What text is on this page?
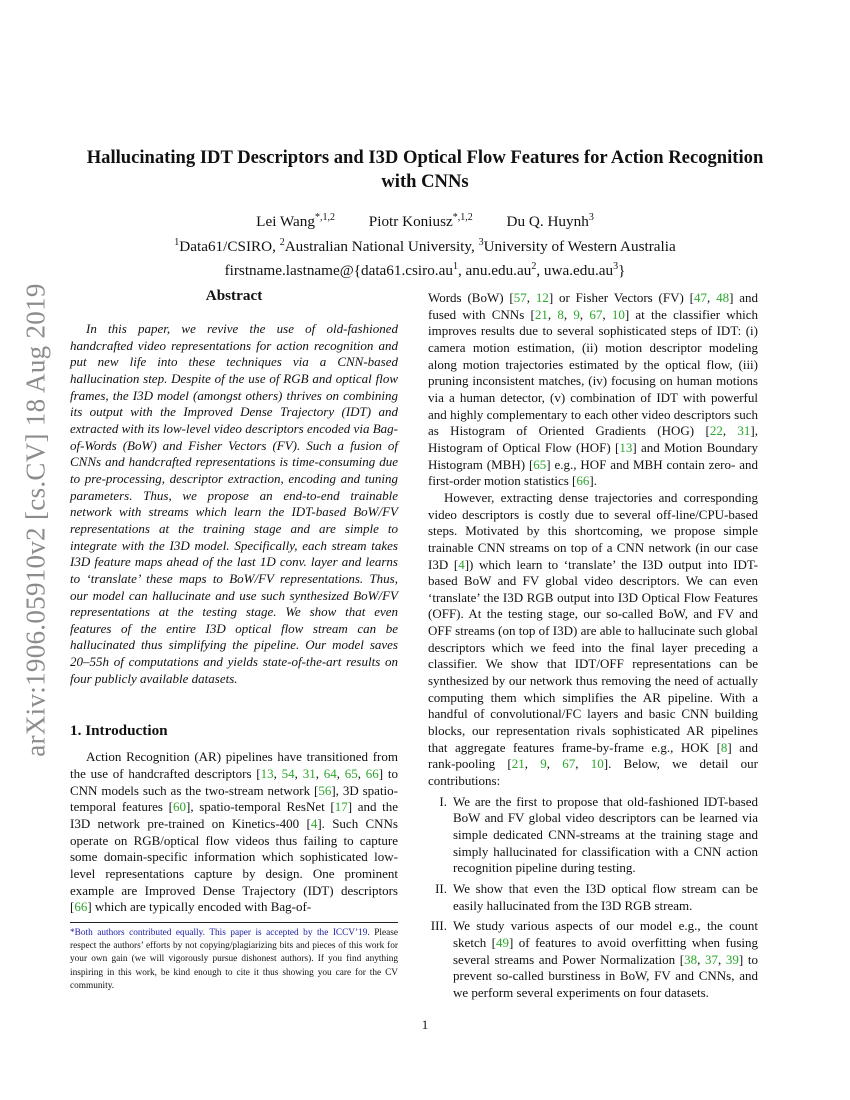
arXiv:1906.05910v2 [cs.CV] 18 Aug 2019
Hallucinating IDT Descriptors and I3D Optical Flow Features for Action Recognition with CNNs
Lei Wang$^{*,1,2}$ Piotr Koniusz$^{*,1,2}$ Du Q. Huynh$^3$
$^1$Data61/CSIRO, $^2$Australian National University, $^3$University of Western Australia
$firstname.lastname@\{data61.csiro.au^1$, $anu.edu.au^2$, $uwa.edu.au^3$}
Abstract

In this paper, we revive the use of old-fashioned handcrafted video representations for action recognition and put new life into these techniques via a CNN-based hallucination step. Despite of the use of RGB and optical flow frames, the I3D model (amongst others) thrives on combining its output with the Improved Dense Trajectory (IDT) and extracted with its low-level video descriptors encoded via Bag-of-Words (BoW) and Fisher Vectors (FV). Such a fusion of CNNs and handcrafted representations is time-consuming due to pre-processing, descriptor extraction, encoding and tuning parameters. Thus, we propose an end-to-end trainable network with streams which learn the IDT-based BoW/FV representations at the training stage and are simple to integrate with the I3D model. Specifically, each stream takes I3D feature maps ahead of the last 1D conv. layer and learns to ‘translate’ these maps to BoW/FV representations. Thus, our model can hallucinate and use such synthesized BoW/FV representations at the testing stage. We show that even features of the entire I3D optical flow stream can be hallucinated thus simplifying the pipeline. Our model saves 20–55h of computations and yields state-of-the-art results on four publicly available datasets.

1. Introduction

Action Recognition (AR) pipelines have transitioned from the use of handcrafted descriptors [13, 54, 31, 64, 65, 66] to CNN models such as the two-stream network [56], 3D spatio-temporal features [60], spatio-temporal ResNet [17] and the I3D network pre-trained on Kinetics-400 [4]. Such CNNs operate on RGB/optical flow videos thus failing to capture some domain-specific information which sophisticated low-level representations capture by design. One prominent example are Improved Dense Trajectory (IDT) descriptors [66] which are typically encoded with Bag-of-

*Both authors contributed equally. This paper is accepted by the ICCV’19. Please respect the authors’ efforts by not copying/plagiarizing bits and pieces of this work for your own gain (we will vigorously pursue dishonest authors). If you find anything inspiring in this work, be kind enough to cite it thus showing you care for the CV community.

Words (BoW) [57, 12] or Fisher Vectors (FV) [47, 48] and fused with CNNs [21, 8, 9, 67, 10] at the classifier which improves results due to several sophisticated steps of IDT: (i) camera motion estimation, (ii) motion descriptor modeling along motion trajectories estimated by the optical flow, (iii) pruning inconsistent matches, (iv) focusing on human motions via a human detector, (v) combination of IDT with powerful and highly complementary to each other video descriptors such as Histogram of Oriented Gradients (HOG) [22, 31], Histogram of Optical Flow (HOF) [13] and Motion Boundary Histogram (MBH) [65] e.g., HOF and MBH contain zero- and first-order motion statistics [66].

However, extracting dense trajectories and corresponding video descriptors is costly due to several off-line/CPU-based steps. Motivated by this shortcoming, we propose simple trainable CNN streams on top of a CNN network (in our case I3D [4]) which learn to ‘translate’ the I3D output into IDT-based BoW and FV global video descriptors. We can even ‘translate’ the I3D RGB output into I3D Optical Flow Features (OFF). At the testing stage, our so-called BoW, and FV and OFF streams (on top of I3D) are able to hallucinate such global descriptors which we feed into the final layer preceding a classifier. We show that IDT/OFF representations can be synthesized by our network thus removing the need of actually computing them which simplifies the AR pipeline. With a handful of convolutional/FC layers and basic CNN building blocks, our representation rivals sophisticated AR pipelines that aggregate features frame-by-frame e.g., HOK [8] and rank-pooling [21, 9, 67, 10]. Below, we detail our contributions:

I. We are the first to propose that old-fashioned IDT-based BoW and FV global video descriptors can be learned via simple dedicated CNN-streams at the training stage and simply hallucinated for classification with a CNN action recognition pipeline during testing.
II. We show that even the I3D optical flow stream can be easily hallucinated from the I3D RGB stream.
III. We study various aspects of our model e.g., the count sketch [49] of features to avoid overfitting when fusing several streams and Power Normalization [38, 37, 39] to prevent so-called burstiness in BoW, FV and CNNs, and we perform several experiments on four datasets.
1
